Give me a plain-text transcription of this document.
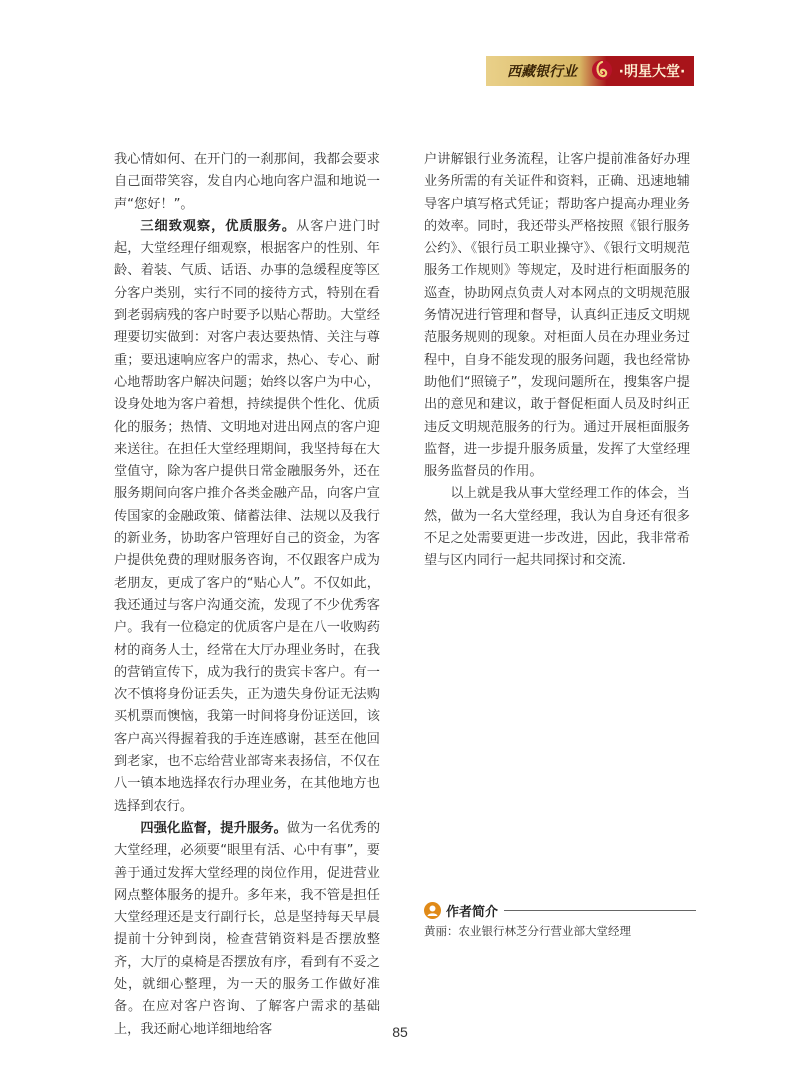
西藏银行业	·明星大堂·

我心情如何、在开门的一刹那间，我都会要求自己面带笑容，发自内心地向客户温和地说一声“您好！”。

三细致观察，优质服务。从客户进门时起，大堂经理仔细观察，根据客户的性别、年龄、着装、气质、话语、办事的急缓程度等区分客户类别，实行不同的接待方式，特别在看到老弱病残的客户时要予以贴心帮助。大堂经理要切实做到：对客户表达要热情、关注与尊重；要迅速响应客户的需求，热心、专心、耐心地帮助客户解决问题；始终以客户为中心，设身处地为客户着想，持续提供个性化、优质化的服务；热情、文明地对进出网点的客户迎来送往。在担任大堂经理期间，我坚持每在大堂值守，除为客户提供日常金融服务外，还在服务期间向客户推介各类金融产品，向客户宣传国家的金融政策、储蓄法律、法规以及我行的新业务，协助客户管理好自己的资金，为客户提供免费的理财服务咨询，不仅跟客户成为老朋友，更成了客户的“贴心人”。不仅如此，我还通过与客户沟通交流，发现了不少优秀客户。我有一位稳定的优质客户是在八一收购药材的商务人士，经常在大厅办理业务时，在我的营销宣传下，成为我行的贵宾卡客户。有一次不慎将身份证丢失，正为遗失身份证无法购买机票而懊恼，我第一时间将身份证送回，该客户高兴得握着我的手连连感谢，甚至在他回到老家，也不忘给营业部寄来表扬信，不仅在八一镇本地选择农行办理业务，在其他地方也选择到农行。

四强化监督，提升服务。做为一名优秀的大堂经理，必须要“眼里有活、心中有事”，要善于通过发挥大堂经理的岗位作用，促进营业网点整体服务的提升。多年来，我不管是担任大堂经理还是支行副行长，总是坚持每天早晨提前十分钟到岗，检查营销资料是否摆放整齐，大厅的桌椅是否摆放有序，看到有不妥之处，就细心整理，为一天的服务工作做好准备。在应对客户咨询、了解客户需求的基础上，我还耐心地详细地给客

户讲解银行业务流程，让客户提前准备好办理业务所需的有关证件和资料，正确、迅速地辅导客户填写格式凭证；帮助客户提高办理业务的效率。同时，我还带头严格按照《银行服务公约》、《银行员工职业操守》、《银行文明规范服务工作规则》等规定，及时进行柜面服务的巡查，协助网点负责人对本网点的文明规范服务情况进行管理和督导，认真纠正违反文明规范服务规则的现象。对柜面人员在办理业务过程中，自身不能发现的服务问题，我也经常协助他们“照镜子”，发现问题所在，搜集客户提出的意见和建议，敢于督促柜面人员及时纠正违反文明规范服务的行为。通过开展柜面服务监督，进一步提升服务质量，发挥了大堂经理服务监督员的作用。

以上就是我从事大堂经理工作的体会，当然，做为一名大堂经理，我认为自身还有很多不足之处需要更进一步改进，因此，我非常希望与区内同行一起共同探讨和交流.

作者简介
黄丽：农业银行林芝分行营业部大堂经理
85
